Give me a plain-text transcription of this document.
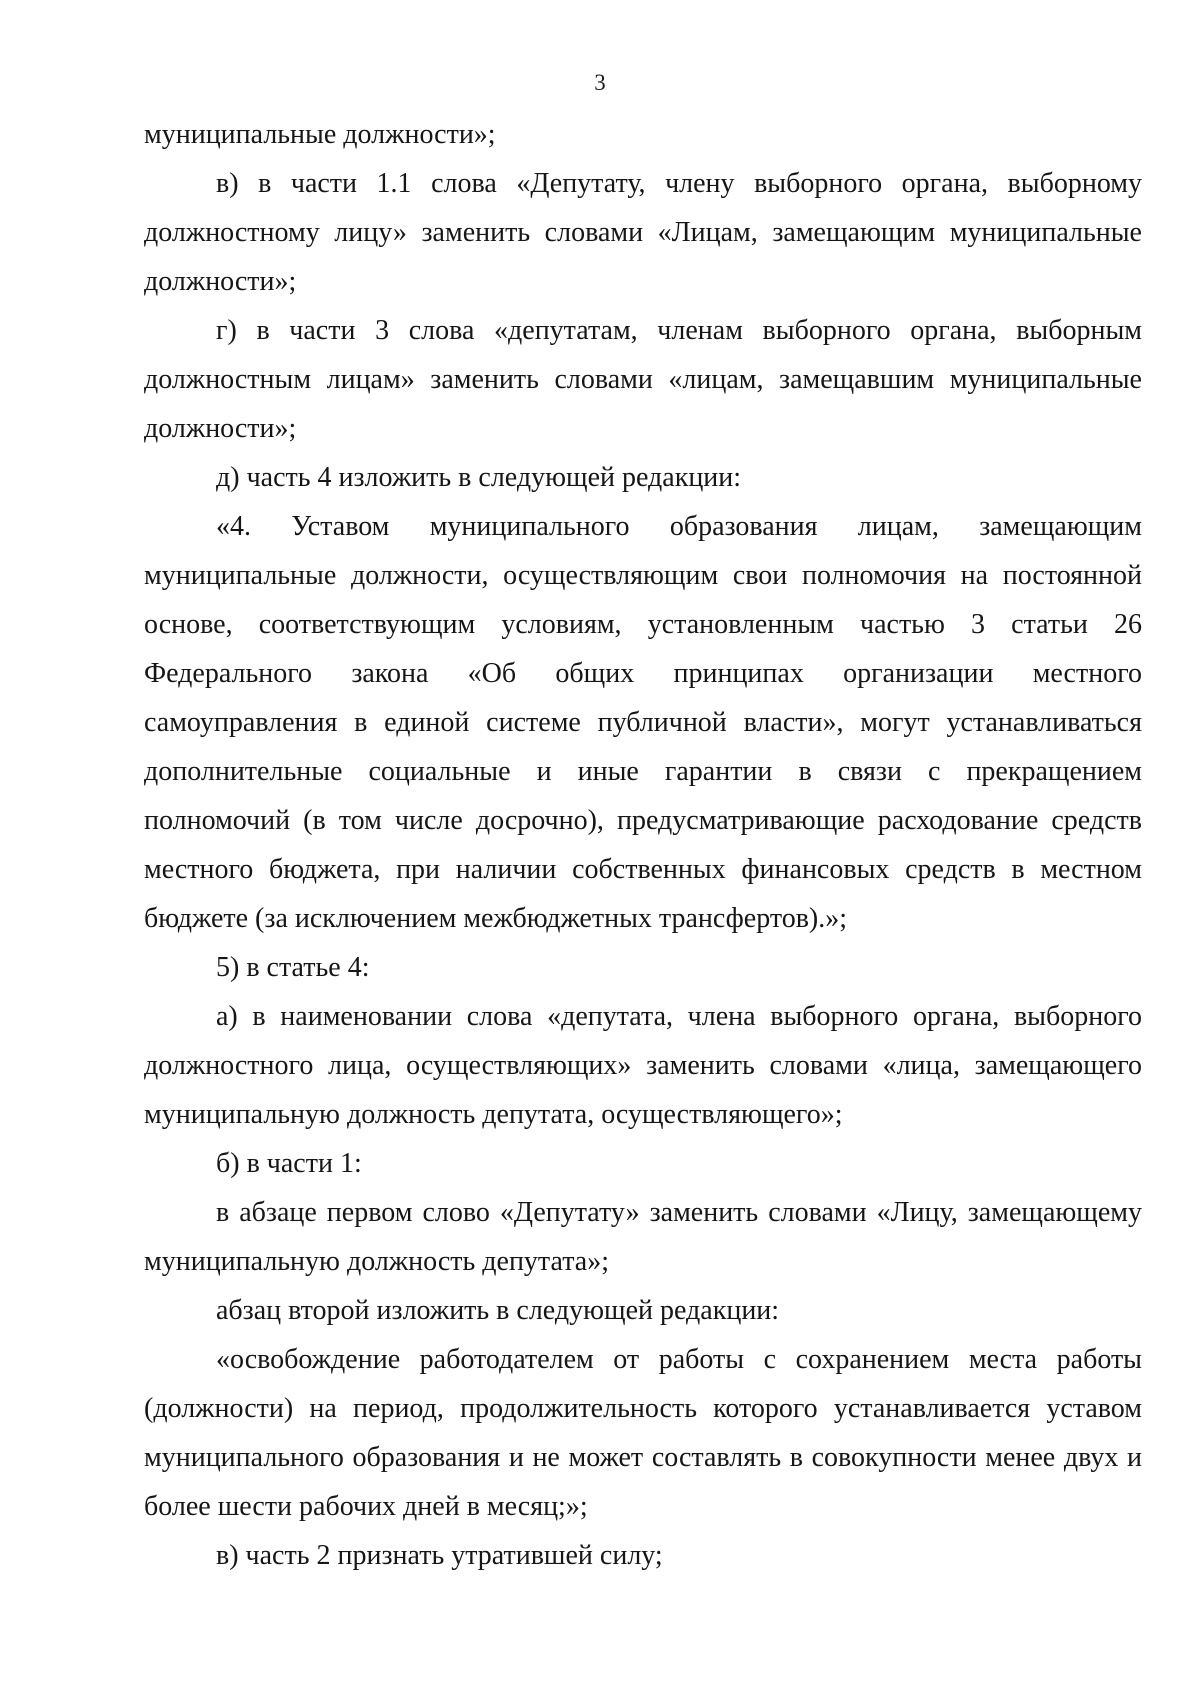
3

муниципальные должности»;

в) в части 1.1 слова «Депутату, члену выборного органа, выборному должностному лицу» заменить словами «Лицам, замещающим муниципальные должности»;

г) в части 3 слова «депутатам, членам выборного органа, выборным должностным лицам» заменить словами «лицам, замещавшим муниципальные должности»;

д) часть 4 изложить в следующей редакции:

«4. Уставом муниципального образования лицам, замещающим муниципальные должности, осуществляющим свои полномочия на постоянной основе, соответствующим условиям, установленным частью 3 статьи 26 Федерального закона «Об общих принципах организации местного самоуправления в единой системе публичной власти», могут устанавливаться дополнительные социальные и иные гарантии в связи с прекращением полномочий (в том числе досрочно), предусматривающие расходование средств местного бюджета, при наличии собственных финансовых средств в местном бюджете (за исключением межбюджетных трансфертов).»;

5) в статье 4:

а) в наименовании слова «депутата, члена выборного органа, выборного должностного лица, осуществляющих» заменить словами «лица, замещающего муниципальную должность депутата, осуществляющего»;

б) в части 1:

в абзаце первом слово «Депутату» заменить словами «Лицу, замещающему муниципальную должность депутата»;

абзац второй изложить в следующей редакции:

«освобождение работодателем от работы с сохранением места работы (должности) на период, продолжительность которого устанавливается уставом муниципального образования и не может составлять в совокупности менее двух и более шести рабочих дней в месяц;»;

в) часть 2 признать утратившей силу;
